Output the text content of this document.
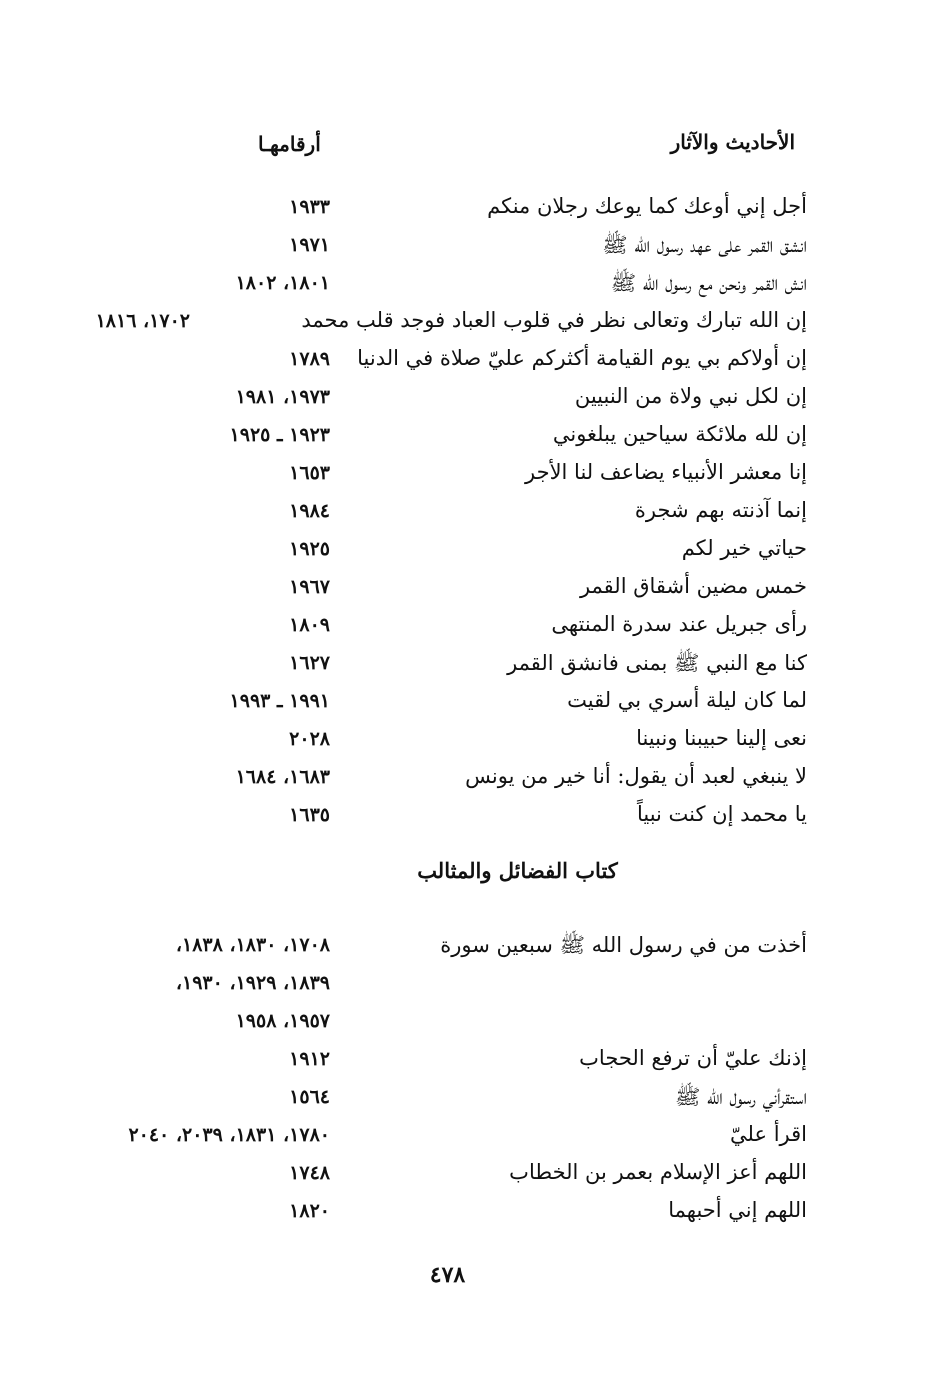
الأحاديث والآثار
أرقامهـا
أجل إني أوعك كما يوعك رجلان منكم
١٩٣٣
انشق القمر على عهد رسول الله ﷺ
١٩٧١
انش القمر ونحن مع رسول الله ﷺ
١٨٠١، ١٨٠٢
إن الله تبارك وتعالى نظر في قلوب العباد فوجد قلب محمد
١٧٠٢، ١٨١٦
إن أولاكم بي يوم القيامة أكثركم عليّ صلاة في الدنيا
١٧٨٩
إن لكل نبي ولاة من النبيين
١٩٧٣، ١٩٨١
إن لله ملائكة سياحين يبلغوني
١٩٢٣ ـ ١٩٢٥
إنا معشر الأنبياء يضاعف لنا الأجر
١٦٥٣
إنما آذنته بهم شجرة
١٩٨٤
حياتي خير لكم
١٩٢٥
خمس مضين أشقاق القمر
١٩٦٧
رأى جبريل عند سدرة المنتهى
١٨٠٩
كنا مع النبي ﷺ بمنى فانشق القمر
١٦٢٧
لما كان ليلة أسري بي لقيت
١٩٩١ ـ ١٩٩٣
نعى إلينا حبيبنا ونبينا
٢٠٢٨
لا ينبغي لعبد أن يقول: أنا خير من يونس
١٦٨٣، ١٦٨٤
يا محمد إن كنت نبياً
١٦٣٥
كتاب الفضائل والمثالب
أخذت من في رسول الله ﷺ سبعين سورة
١٧٠٨، ١٨٣٠، ١٨٣٨،
١٨٣٩، ١٩٢٩، ١٩٣٠،
١٩٥٧، ١٩٥٨
إذنك عليّ أن ترفع الحجاب
١٩١٢
استقرأني رسول الله ﷺ
١٥٦٤
اقرأ عليّ
١٧٨٠، ١٨٣١، ٢٠٣٩، ٢٠٤٠
اللهم أعز الإسلام بعمر بن الخطاب
١٧٤٨
اللهم إني أحبهما
١٨٢٠
٤٧٨
